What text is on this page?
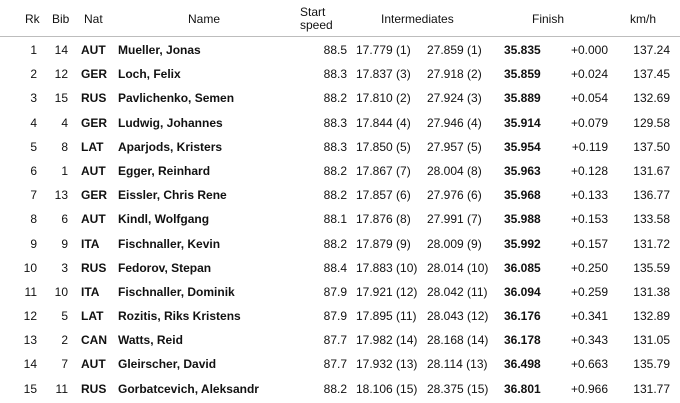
Rk Bib Nat	Name	Start speed	Intermediates	Finish	km/h
1 14 AUT Mueller, Jonas	88.5 17.779 (1) 27.859 (1) 35.835	+0.000 137.24
2 12 GER Loch, Felix	88.3 17.837 (3) 27.918 (2) 35.859	+0.024 137.45
3 15 RUS Pavlichenko, Semen	88.2 17.810 (2) 27.924 (3) 35.889	+0.054 132.69
4 4 GER Ludwig, Johannes	88.3 17.844 (4) 27.946 (4) 35.914	+0.079 129.58
5 8 LAT Aparjods, Kristers	88.3 17.850 (5) 27.957 (5) 35.954	+0.119 137.50
6 1 AUT Egger, Reinhard	88.2 17.867 (7) 28.004 (8) 35.963	+0.128 131.67
7 13 GER Eissler, Chris Rene	88.2 17.857 (6) 27.976 (6) 35.968	+0.133 136.77
8 6 AUT Kindl, Wolfgang	88.1 17.876 (8) 27.991 (7) 35.988	+0.153 133.58
9 9 ITA Fischnaller, Kevin	88.2 17.879 (9) 28.009 (9) 35.992	+0.157 131.72
10 3 RUS Fedorov, Stepan	88.4 17.883 (10) 28.014 (10) 36.085	+0.250 135.59
11 10 ITA Fischnaller, Dominik	87.9 17.921 (12) 28.042 (11) 36.094	+0.259 131.38
12 5 LAT Rozitis, Riks Kristens	87.9 17.895 (11) 28.043 (12) 36.176	+0.341 132.89
13 2 CAN Watts, Reid	87.7 17.982 (14) 28.168 (14) 36.178	+0.343 131.05
14 7 AUT Gleirscher, David	87.7 17.932 (13) 28.114 (13) 36.498	+0.663 135.79
15 11 RUS Gorbatcevich, Aleksandr	88.2 18.106 (15) 28.375 (15) 36.801	+0.966 131.77
